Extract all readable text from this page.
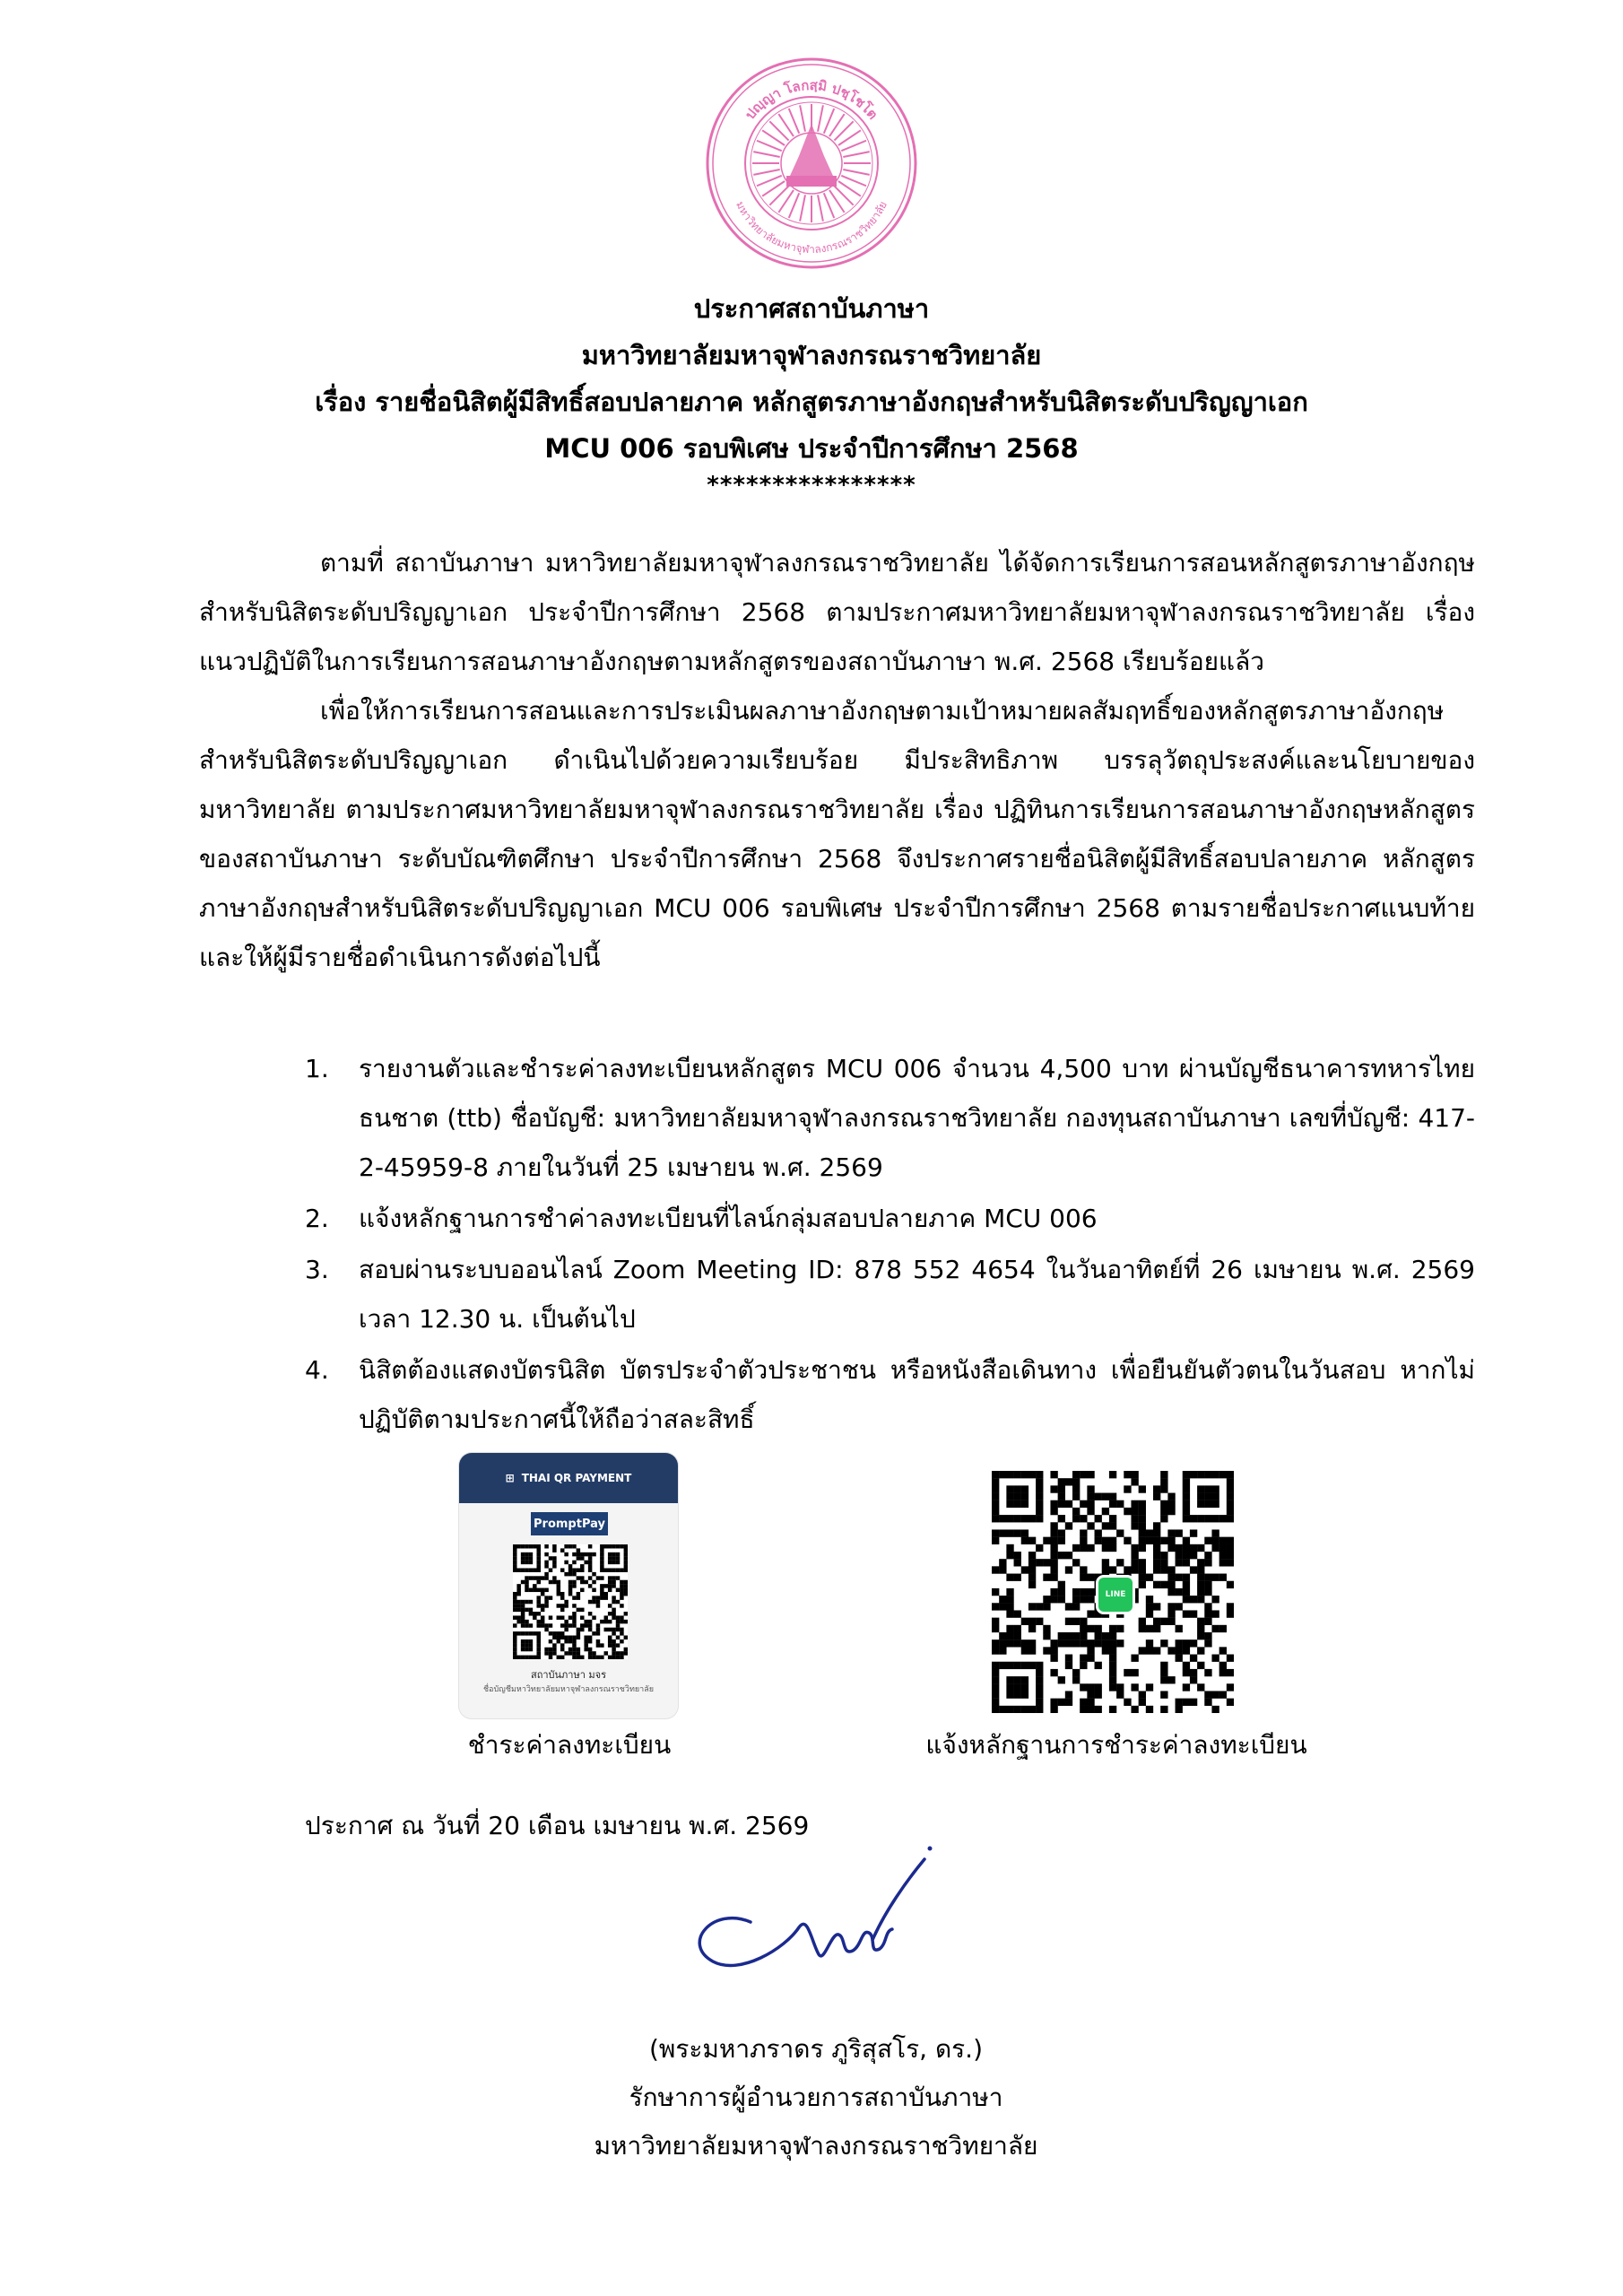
ปญฺญา โลกสฺมิ ปชฺโชโต
มหาวิทยาลัยมหาจุฬาลงกรณราชวิทยาลัย
ประกาศสถาบันภาษา
มหาวิทยาลัยมหาจุฬาลงกรณราชวิทยาลัย
เรื่อง รายชื่อนิสิตผู้มีสิทธิ์สอบปลายภาค หลักสูตรภาษาอังกฤษสำหรับนิสิตระดับปริญญาเอก
MCU 006 รอบพิเศษ ประจำปีการศึกษา 2568
****************

ตามที่ สถาบันภาษา มหาวิทยาลัยมหาจุฬาลงกรณราชวิทยาลัย ได้จัดการเรียนการสอนหลักสูตรภาษาอังกฤษสำหรับนิสิตระดับปริญญาเอก ประจำปีการศึกษา 2568 ตามประกาศมหาวิทยาลัยมหาจุฬาลงกรณราชวิทยาลัย เรื่อง แนวปฏิบัติในการเรียนการสอนภาษาอังกฤษตามหลักสูตรของสถาบันภาษา พ.ศ. 2568 เรียบร้อยแล้ว

เพื่อให้การเรียนการสอนและการประเมินผลภาษาอังกฤษตามเป้าหมายผลสัมฤทธิ์ของหลักสูตรภาษาอังกฤษสำหรับนิสิตระดับปริญญาเอก ดำเนินไปด้วยความเรียบร้อย มีประสิทธิภาพ บรรลุวัตถุประสงค์และนโยบายของมหาวิทยาลัย ตามประกาศมหาวิทยาลัยมหาจุฬาลงกรณราชวิทยาลัย เรื่อง ปฏิทินการเรียนการสอนภาษาอังกฤษหลักสูตรของสถาบันภาษา ระดับบัณฑิตศึกษา ประจำปีการศึกษา 2568 จึงประกาศรายชื่อนิสิตผู้มีสิทธิ์สอบปลายภาค หลักสูตรภาษาอังกฤษสำหรับนิสิตระดับปริญญาเอก MCU 006 รอบพิเศษ ประจำปีการศึกษา 2568 ตามรายชื่อประกาศแนบท้ายและให้ผู้มีรายชื่อดำเนินการดังต่อไปนี้

1. รายงานตัวและชำระค่าลงทะเบียนหลักสูตร MCU 006 จำนวน 4,500 บาท ผ่านบัญชีธนาคารทหารไทยธนชาต (ttb) ชื่อบัญชี: มหาวิทยาลัยมหาจุฬาลงกรณราชวิทยาลัย กองทุนสถาบันภาษา เลขที่บัญชี: 417-2-45959-8 ภายในวันที่ 25 เมษายน พ.ศ. 2569
2. แจ้งหลักฐานการชำค่าลงทะเบียนที่ไลน์กลุ่มสอบปลายภาค MCU 006
3. สอบผ่านระบบออนไลน์ Zoom Meeting ID: 878 552 4654 ในวันอาทิตย์ที่ 26 เมษายน พ.ศ. 2569 เวลา 12.30 น. เป็นต้นไป
4. นิสิตต้องแสดงบัตรนิสิต บัตรประจำตัวประชาชน หรือหนังสือเดินทาง เพื่อยืนยันตัวตนในวันสอบ หากไม่ปฏิบัติตามประกาศนี้ให้ถือว่าสละสิทธิ์
⊞ THAI QR PAYMENT
PromptPay
สถาบันภาษา มจร
ชื่อบัญชีมหาวิทยาลัยมหาจุฬาลงกรณราชวิทยาลัย
LINE
ชำระค่าลงทะเบียน	แจ้งหลักฐานการชำระค่าลงทะเบียน
ประกาศ ณ วันที่ 20 เดือน เมษายน พ.ศ. 2569
(พระมหาภราดร ภูริสุสโร, ดร.)
รักษาการผู้อำนวยการสถาบันภาษา
มหาวิทยาลัยมหาจุฬาลงกรณราชวิทยาลัย
